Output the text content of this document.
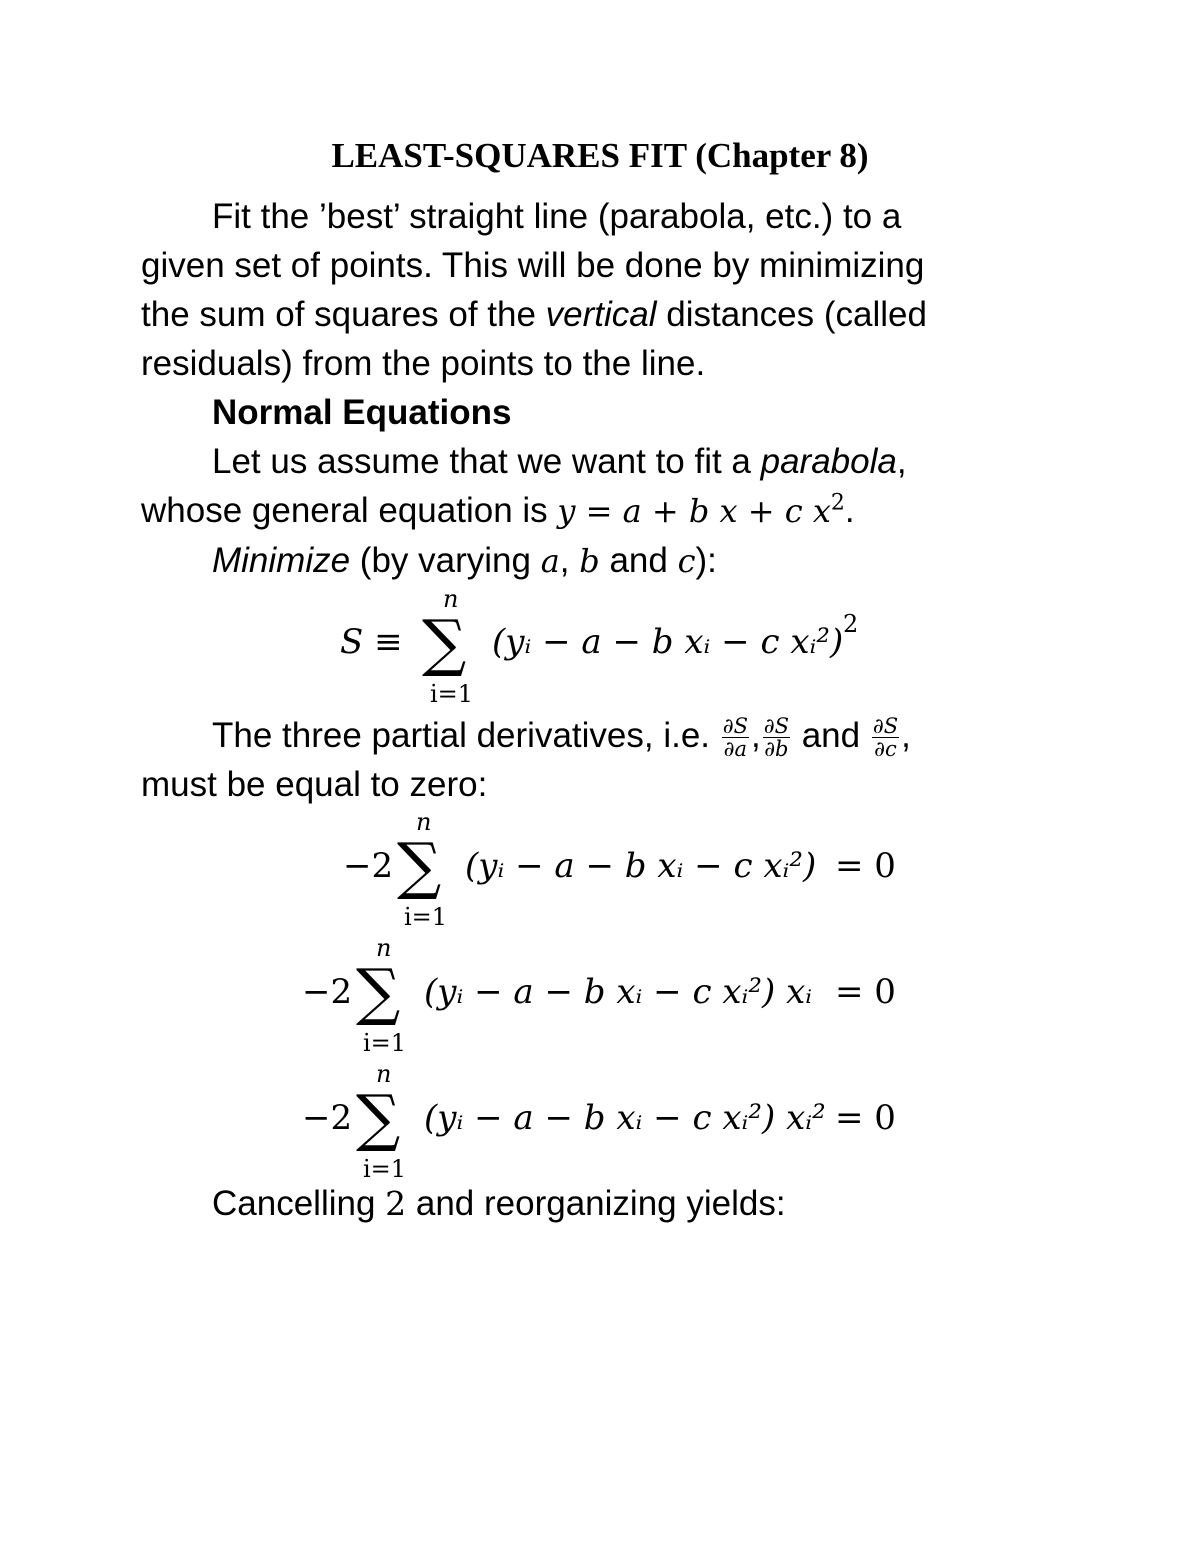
LEAST-SQUARES FIT (Chapter 8)
Fit the ’best’ straight line (parabola, etc.) to a
given set of points. This will be done by minimizing
the sum of squares of the vertical distances (called
residuals) from the points to the line.
Normal Equations
Let us assume that we want to fit a parabola,
whose general equation is y = a + b x + c $x^2$.
Minimize (by varying a, b and c):
S ≡
n
∑
i=1
(yᵢ − a − b xᵢ − c xᵢ²) 2
The three partial derivatives, i.e. $\frac{\partial S}{\partial a}$ , $\frac{\partial S}{\partial b}$ and $\frac{\partial S}{\partial c}$ ,
must be equal to zero:
−2
n
∑
i=1
(yᵢ − a − b xᵢ − c xᵢ²) = 0
−2
n
∑
i=1
(yᵢ − a − b xᵢ − c xᵢ²) xᵢ = 0
−2
n
∑
i=1
(yᵢ − a − b xᵢ − c xᵢ²) xᵢ² = 0
Cancelling 2 and reorganizing yields:
